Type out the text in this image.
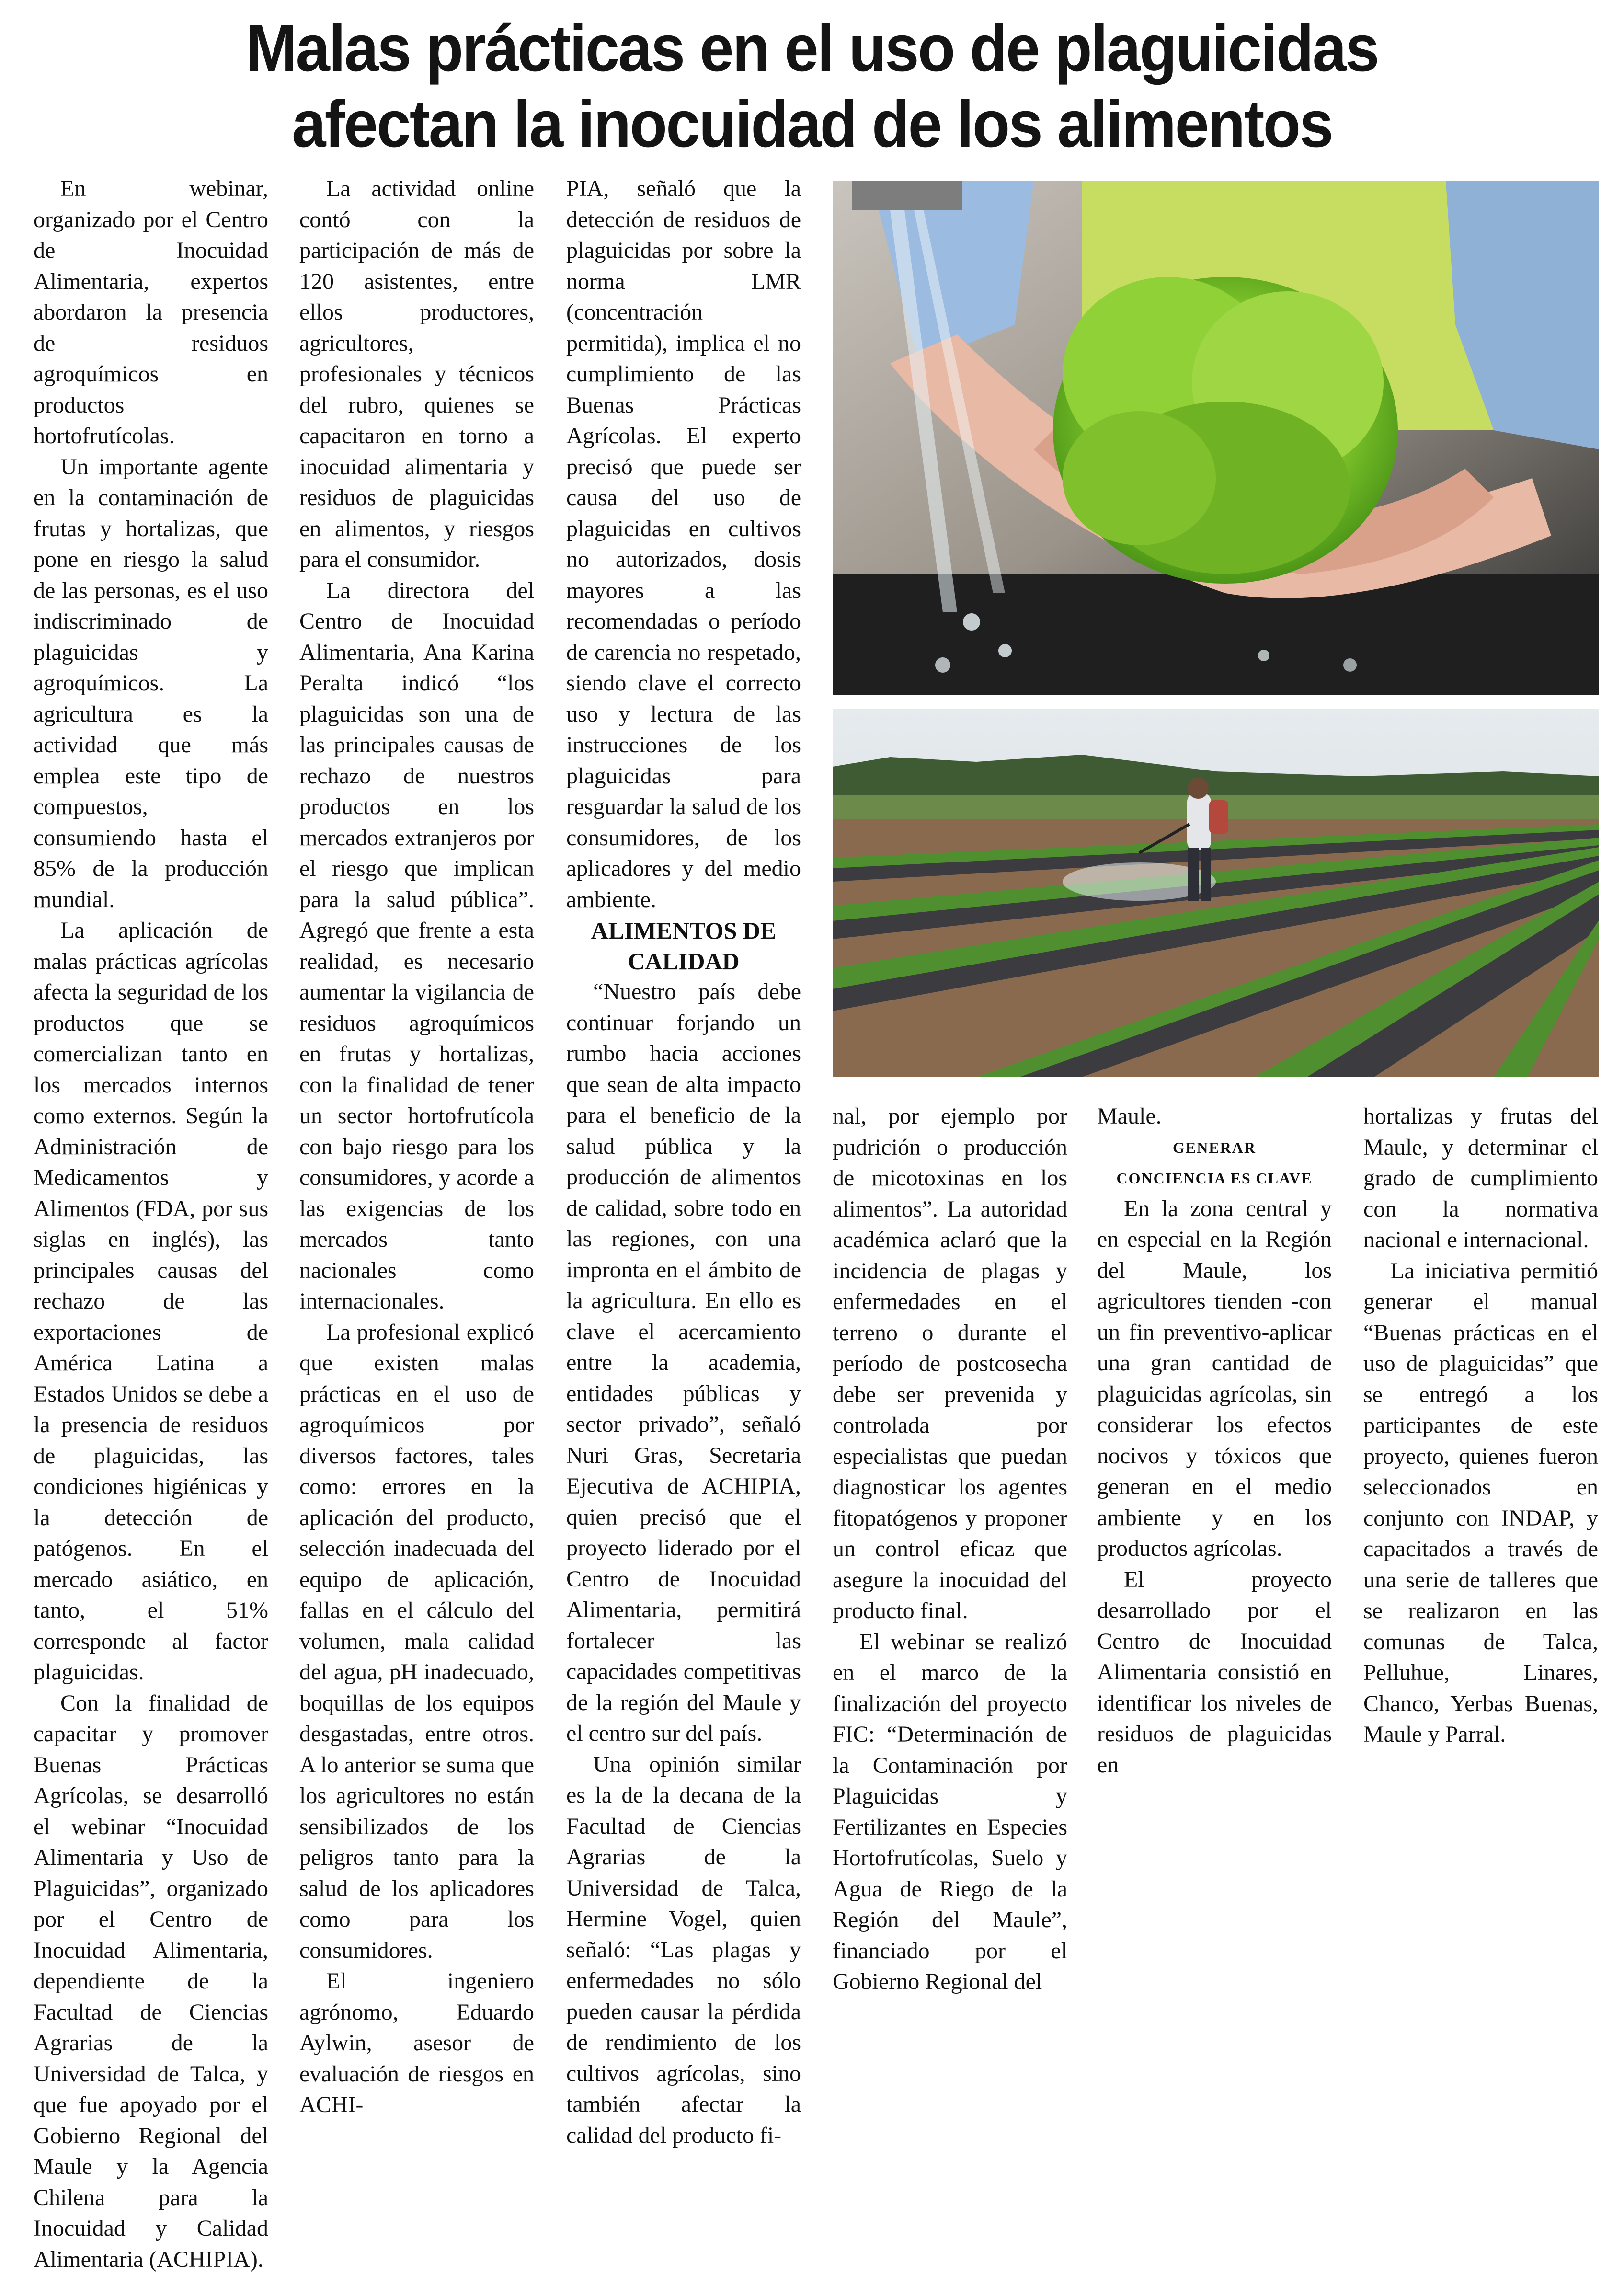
Malas prácticas en el uso de plaguicidas
afectan la inocuidad de los alimentos

En webinar, organizado por el Centro de Inocuidad Alimentaria, expertos abordaron la presencia de residuos agroquímicos en productos hortofrutícolas.

Un importante agente en la contaminación de frutas y hortalizas, que pone en riesgo la salud de las personas, es el uso indiscriminado de plaguicidas y agroquímicos. La agricultura es la actividad que más emplea este tipo de compuestos, consumiendo hasta el 85% de la producción mundial.

La aplicación de malas prácticas agrícolas afecta la seguridad de los productos que se comercializan tanto en los mercados internos como externos. Según la Administración de Medicamentos y Alimentos (FDA, por sus siglas en inglés), las principales causas del rechazo de las exportaciones de América Latina a Estados Unidos se debe a la presencia de residuos de plaguicidas, las condiciones higiénicas y la detección de patógenos. En el mercado asiático, en tanto, el 51% corresponde al factor plaguicidas.

Con la finalidad de capacitar y promover Buenas Prácticas Agrícolas, se desarrolló el webinar “Inocuidad Alimentaria y Uso de Plaguicidas”, organizado por el Centro de Inocuidad Alimentaria, dependiente de la Facultad de Ciencias Agrarias de la Universidad de Talca, y que fue apoyado por el Gobierno Regional del Maule y la Agencia Chilena para la Inocuidad y Calidad Alimentaria (ACHIPIA).

La actividad online contó con la participación de más de 120 asistentes, entre ellos productores, agricultores, profesionales y técnicos del rubro, quienes se capacitaron en torno a inocuidad alimentaria y residuos de plaguicidas en alimentos, y riesgos para el consumidor.

La directora del Centro de Inocuidad Alimentaria, Ana Karina Peralta indicó “los plaguicidas son una de las principales causas de rechazo de nuestros productos en los mercados extranjeros por el riesgo que implican para la salud pública”. Agregó que frente a esta realidad, es necesario aumentar la vigilancia de residuos agroquímicos en frutas y hortalizas, con la finalidad de tener un sector hortofrutícola con bajo riesgo para los consumidores, y acorde a las exigencias de los mercados tanto nacionales como internacionales.

La profesional explicó que existen malas prácticas en el uso de agroquímicos por diversos factores, tales como: errores en la aplicación del producto, selección inadecuada del equipo de aplicación, fallas en el cálculo del volumen, mala calidad del agua, pH inadecuado, boquillas de los equipos desgastadas, entre otros. A lo anterior se suma que los agricultores no están sensibilizados de los peligros tanto para la salud de los aplicadores como para los consumidores.

El ingeniero agrónomo, Eduardo Aylwin, asesor de evaluación de riesgos en ACHI-

PIA, señaló que la detección de residuos de plaguicidas por sobre la norma LMR (concentración permitida), implica el no cumplimiento de las Buenas Prácticas Agrícolas. El experto precisó que puede ser causa del uso de plaguicidas en cultivos no autorizados, dosis mayores a las recomendadas o período de carencia no respetado, siendo clave el correcto uso y lectura de las instrucciones de los plaguicidas para resguardar la salud de los consumidores, de los aplicadores y del medio ambiente.

ALIMENTOS DE
CALIDAD

“Nuestro país debe continuar forjando un rumbo hacia acciones que sean de alta impacto para el beneficio de la salud pública y la producción de alimentos de calidad, sobre todo en las regiones, con una impronta en el ámbito de la agricultura. En ello es clave el acercamiento entre la academia, entidades públicas y sector privado”, señaló Nuri Gras, Secretaria Ejecutiva de ACHIPIA, quien precisó que el proyecto liderado por el Centro de Inocuidad Alimentaria, permitirá fortalecer las capacidades competitivas de la región del Maule y el centro sur del país.

Una opinión similar es la de la decana de la Facultad de Ciencias Agrarias de la Universidad de Talca, Hermine Vogel, quien señaló: “Las plagas y enfermedades no sólo pueden causar la pérdida de rendimiento de los cultivos agrícolas, sino también afectar la calidad del producto fi-

nal, por ejemplo por pudrición o producción de micotoxinas en los alimentos”. La autoridad académica aclaró que la incidencia de plagas y enfermedades en el terreno o durante el período de postcosecha debe ser prevenida y controlada por especialistas que puedan diagnosticar los agentes fitopatógenos y proponer un control eficaz que asegure la inocuidad del producto final.

El webinar se realizó en el marco de la finalización del proyecto FIC: “Determinación de la Contaminación por Plaguicidas y Fertilizantes en Especies Hortofrutícolas, Suelo y Agua de Riego de la Región del Maule”, financiado por el Gobierno Regional del

Maule.

GENERAR
CONCIENCIA ES CLAVE

En la zona central y en especial en la Región del Maule, los agricultores tienden -con un fin preventivo-aplicar una gran cantidad de plaguicidas agrícolas, sin considerar los efectos nocivos y tóxicos que generan en el medio ambiente y en los productos agrícolas.

El proyecto desarrollado por el Centro de Inocuidad Alimentaria consistió en identificar los niveles de residuos de plaguicidas en

hortalizas y frutas del Maule, y determinar el grado de cumplimiento con la normativa nacional e internacional.

La iniciativa permitió generar el manual “Buenas prácticas en el uso de plaguicidas” que se entregó a los participantes de este proyecto, quienes fueron seleccionados en conjunto con INDAP, y capacitados a través de una serie de talleres que se realizaron en las comunas de Talca, Pelluhue, Linares, Chanco, Yerbas Buenas, Maule y Parral.
